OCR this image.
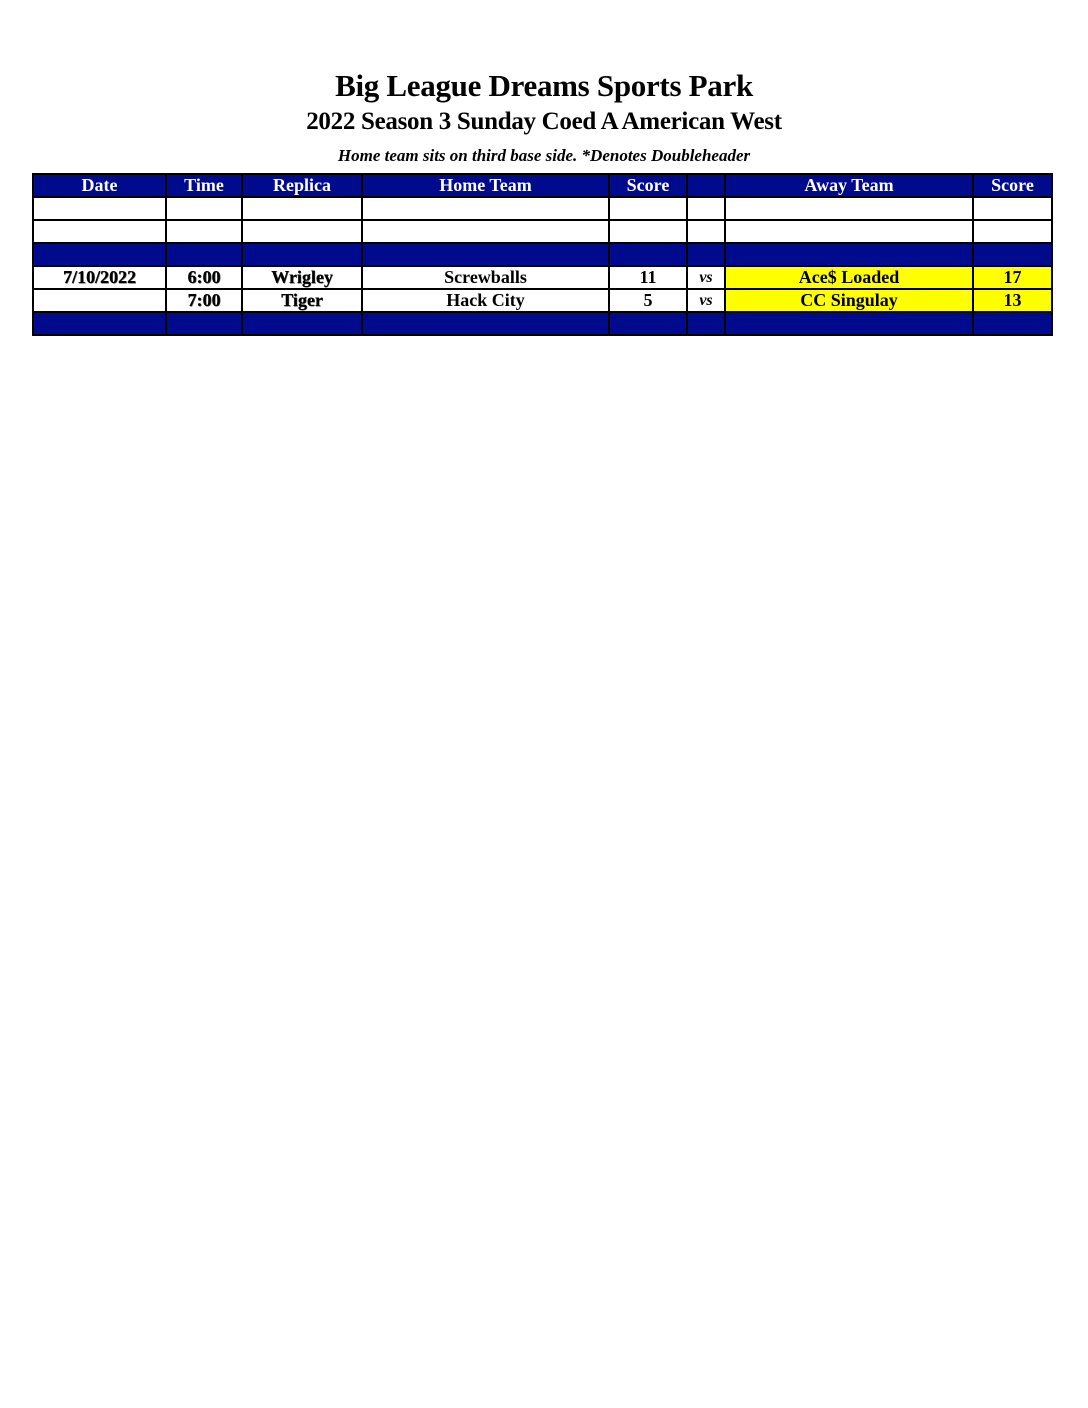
Big League Dreams Sports Park
2022 Season 3 Sunday Coed A American West
Home team sits on third base side. *Denotes Doubleheader
Date	Time	Replica	Home Team	Score		Away Team	Score

7/10/2022	6:00	Wrigley	Screwballs	11	vs	Ace$ Loaded	17
	7:00	Tiger	Hack City	5	vs	CC Singulay	13
